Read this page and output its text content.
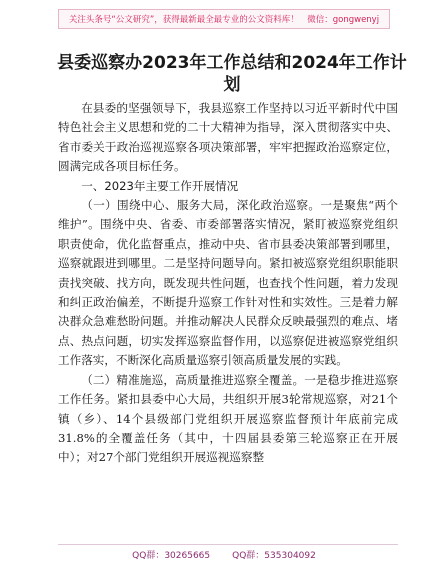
关注头条号“公文研究”，获得最新最全最专业的公文资料库！　微信：gongwenyj
县委巡察办2023年工作总结和2024年工作计划

在县委的坚强领导下，我县巡察工作坚持以习近平新时代中国特色社会主义思想和党的二十大精神为指导，深入贯彻落实中央、省市委关于政治巡视巡察各项决策部署，牢牢把握政治巡察定位，圆满完成各项目标任务。

一、2023年主要工作开展情况

（一）围绕中心、服务大局，深化政治巡察。一是聚焦“两个维护”。围绕中央、省委、市委部署落实情况，紧盯被巡察党组织职责使命，优化监督重点，推动中央、省市县委决策部署到哪里，巡察就跟进到哪里。二是坚持问题导向。紧扣被巡察党组织职能职责找突破、找方向，既发现共性问题，也查找个性问题，着力发现和纠正政治偏差，不断提升巡察工作针对性和实效性。三是着力解决群众急难愁盼问题。并推动解决人民群众反映最强烈的难点、堵点、热点问题，切实发挥巡察监督作用，以巡察促进被巡察党组织工作落实，不断深化高质量巡察引领高质量发展的实践。

（二）精准施巡，高质量推进巡察全覆盖。一是稳步推进巡察工作任务。紧扣县委中心大局，共组织开展3轮常规巡察，对21个镇（乡）、14个县级部门党组织开展巡察监督预计年底前完成31.8%的全覆盖任务（其中，十四届县委第三轮巡察正在开展中）；对27个部门党组织开展巡视巡察整

QQ群：30265665 QQ群：535304092
